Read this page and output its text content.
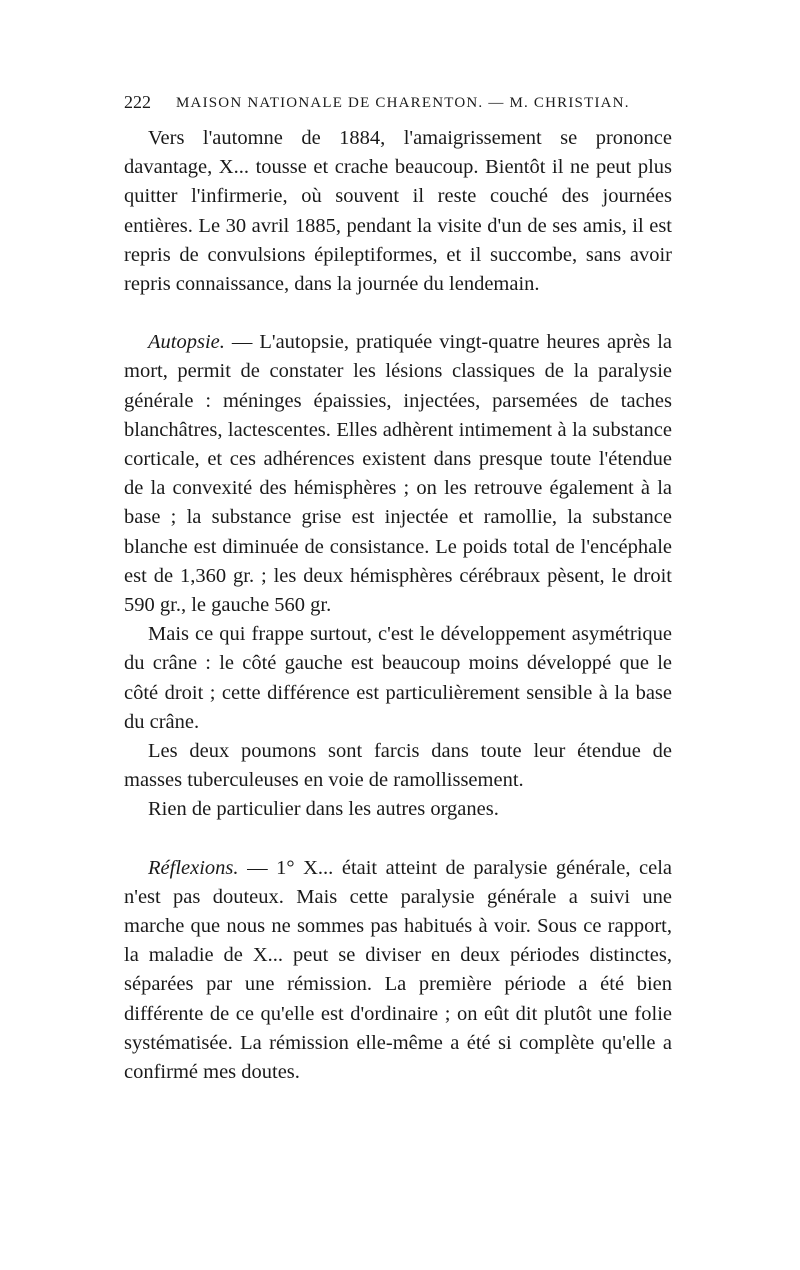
222 MAISON NATIONALE DE CHARENTON. — M. CHRISTIAN.

Vers l'automne de 1884, l'amaigrissement se prononce davantage, X... tousse et crache beaucoup. Bientôt il ne peut plus quitter l'infirmerie, où souvent il reste couché des journées entières. Le 30 avril 1885, pendant la visite d'un de ses amis, il est repris de convulsions épileptiformes, et il succombe, sans avoir repris connaissance, dans la journée du lendemain.

Autopsie. — L'autopsie, pratiquée vingt-quatre heures après la mort, permit de constater les lésions classiques de la paralysie générale : méninges épaissies, injectées, parsemées de taches blanchâtres, lactescentes. Elles adhèrent intimement à la substance corticale, et ces adhérences existent dans presque toute l'étendue de la convexité des hémisphères ; on les retrouve également à la base ; la substance grise est injectée et ramollie, la substance blanche est diminuée de consistance. Le poids total de l'encéphale est de 1,360 gr. ; les deux hémisphères cérébraux pèsent, le droit 590 gr., le gauche 560 gr.

Mais ce qui frappe surtout, c'est le développement asymétrique du crâne : le côté gauche est beaucoup moins développé que le côté droit ; cette différence est particulièrement sensible à la base du crâne.

Les deux poumons sont farcis dans toute leur étendue de masses tuberculeuses en voie de ramollissement.

Rien de particulier dans les autres organes.

Réflexions. — 1° X... était atteint de paralysie générale, cela n'est pas douteux. Mais cette paralysie générale a suivi une marche que nous ne sommes pas habitués à voir. Sous ce rapport, la maladie de X... peut se diviser en deux périodes distinctes, séparées par une rémission. La première période a été bien différente de ce qu'elle est d'ordinaire ; on eût dit plutôt une folie systématisée. La rémission elle-même a été si complète qu'elle a confirmé mes doutes.
